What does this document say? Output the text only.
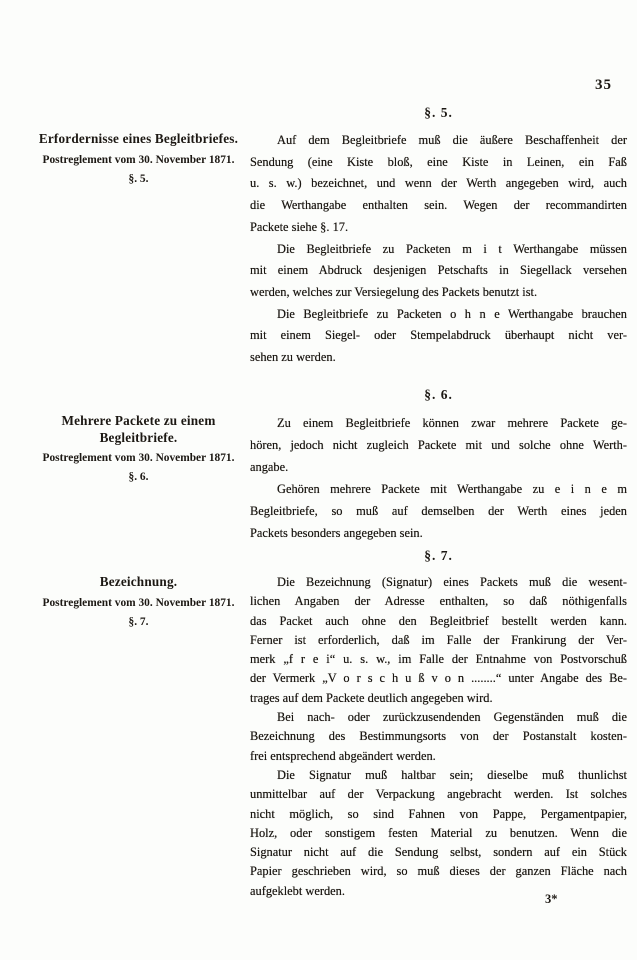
35
§. 5.
Erfordernisse eines Begleitbriefes.
Postreglement vom 30. November 1871.
§. 5.
Auf dem Begleitbriefe muß die äußere Beschaffenheit der
Sendung (eine Kiste bloß, eine Kiste in Leinen, ein Faß
u. s. w.) bezeichnet, und wenn der Werth angegeben wird, auch
die Werthangabe enthalten sein. Wegen der recommandirten
Packete siehe §. 17.
Die Begleitbriefe zu Packeten m i t Werthangabe müssen
mit einem Abdruck desjenigen Petschafts in Siegellack versehen
werden, welches zur Versiegelung des Packets benutzt ist.
Die Begleitbriefe zu Packeten o h n e Werthangabe brauchen
mit einem Siegel- oder Stempelabdruck überhaupt nicht ver-
sehen zu werden.
§. 6.
Mehrere Packete zu einem
Begleitbriefe.
Postreglement vom 30. November 1871.
§. 6.
Zu einem Begleitbriefe können zwar mehrere Packete ge-
hören, jedoch nicht zugleich Packete mit und solche ohne Werth-
angabe.
Gehören mehrere Packete mit Werthangabe zu e i n e m
Begleitbriefe, so muß auf demselben der Werth eines jeden
Packets besonders angegeben sein.
§. 7.
Bezeichnung.
Postreglement vom 30. November 1871.
§. 7.
Die Bezeichnung (Signatur) eines Packets muß die wesent-
lichen Angaben der Adresse enthalten, so daß nöthigenfalls
das Packet auch ohne den Begleitbrief bestellt werden kann.
Ferner ist erforderlich, daß im Falle der Frankirung der Ver-
merk „f r e i“ u. s. w., im Falle der Entnahme von Postvorschuß
der Vermerk „V o r s c h u ß v o n ........“ unter Angabe des Be-
trages auf dem Packete deutlich angegeben wird.
Bei nach- oder zurückzusendenden Gegenständen muß die
Bezeichnung des Bestimmungsorts von der Postanstalt kosten-
frei entsprechend abgeändert werden.
Die Signatur muß haltbar sein; dieselbe muß thunlichst
unmittelbar auf der Verpackung angebracht werden. Ist solches
nicht möglich, so sind Fahnen von Pappe, Pergamentpapier,
Holz, oder sonstigem festen Material zu benutzen. Wenn die
Signatur nicht auf die Sendung selbst, sondern auf ein Stück
Papier geschrieben wird, so muß dieses der ganzen Fläche nach
aufgeklebt werden.
3*
